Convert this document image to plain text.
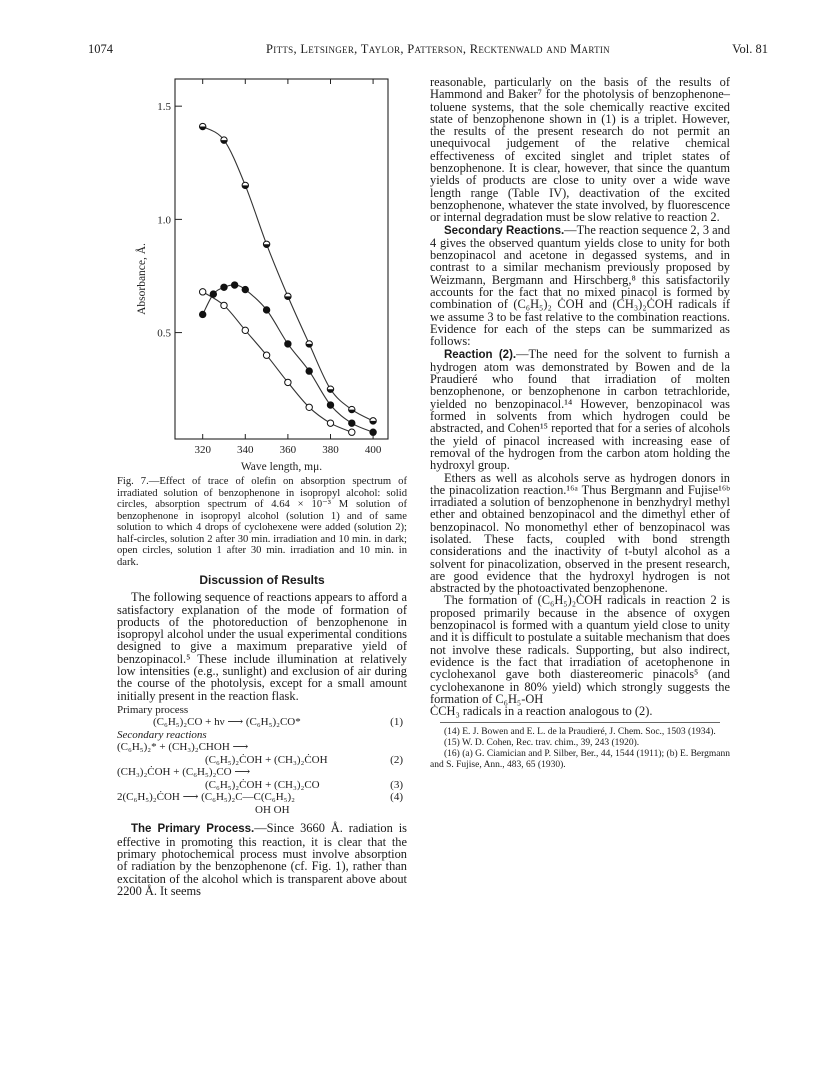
1074	Pitts, Letsinger, Taylor, Patterson, Recktenwald and Martin	Vol. 81
320 340 360 380 400
0.5
1.0
1.5
Wave length, mμ.
Absorbance, Å.

Fig. 7.—Effect of trace of olefin on absorption spectrum of irradiated solution of benzophenone in isopropyl alcohol: solid circles, absorption spectrum of 4.64 × 10⁻³ M solution of benzophenone in isopropyl alcohol (solution 1) and of same solution to which 4 drops of cyclohexene were added (solution 2); half-circles, solution 2 after 30 min. irradiation and 10 min. in dark; open circles, solution 1 after 30 min. irradiation and 10 min. in dark.

Discussion of Results

The following sequence of reactions appears to afford a satisfactory explanation of the mode of formation of products of the photoreduction of benzophenone in isopropyl alcohol under the usual experimental conditions designed to give a maximum preparative yield of benzopinacol.⁵ These include illumination at relatively low intensities (e.g., sunlight) and exclusion of air during the course of the photolysis, except for a small amount initially present in the reaction flask.

Primary process
(C₆H₅)₂CO + hν ⟶ (C₆H₅)₂CO*	(1)
Secondary reactions
(C₆H₅)₂* + (CH₃)₂CHOH ⟶
(C₆H₅)₂ĊOH + (CH₃)₂ĊOH	(2)
(CH₃)₂ĊOH + (C₆H₅)₂CO ⟶
(C₆H₅)₂ĊOH + (CH₃)₂CO	(3)
2(C₆H₅)₂ĊOH ⟶ (C₆H₅)₂C—C(C₆H₅)₂	(4)
OH OH

The Primary Process.—Since 3660 Å. radiation is effective in promoting this reaction, it is clear that the primary photochemical process must involve absorption of radiation by the benzophenone (cf. Fig. 1), rather than excitation of the alcohol which is transparent above about 2200 Å. It seems

reasonable, particularly on the basis of the results of Hammond and Baker⁷ for the photolysis of benzophenone–toluene systems, that the sole chemically reactive excited state of benzophenone shown in (1) is a triplet. However, the results of the present research do not permit an unequivocal judgement of the relative chemical effectiveness of excited singlet and triplet states of benzophenone. It is clear, however, that since the quantum yields of products are close to unity over a wide wave length range (Table IV), deactivation of the excited benzophenone, whatever the state involved, by fluorescence or internal degradation must be slow relative to reaction 2.

Secondary Reactions.—The reaction sequence 2, 3 and 4 gives the observed quantum yields close to unity for both benzopinacol and acetone in degassed systems, and in contrast to a similar mechanism previously proposed by Weizmann, Bergmann and Hirschberg,⁸ this satisfactorily accounts for the fact that no mixed pinacol is formed by combination of (C₆H₅)₂ ĊOH and (CH₃)₂ĊOH radicals if we assume 3 to be fast relative to the combination reactions. Evidence for each of the steps can be summarized as follows:

Reaction (2).—The need for the solvent to furnish a hydrogen atom was demonstrated by Bowen and de la Praudieré who found that irradiation of molten benzophenone, or benzophenone in carbon tetrachloride, yielded no benzopinacol.¹⁴ However, benzopinacol was formed in solvents from which hydrogen could be abstracted, and Cohen¹⁵ reported that for a series of alcohols the yield of pinacol increased with increasing ease of removal of the hydrogen from the carbon atom holding the hydroxyl group.

Ethers as well as alcohols serve as hydrogen donors in the pinacolization reaction.¹⁶ᵃ Thus Bergmann and Fujise¹⁶ᵇ irradiated a solution of benzophenone in benzhydryl methyl ether and obtained benzopinacol and the dimethyl ether of benzopinacol. No monomethyl ether of benzopinacol was isolated. These facts, coupled with bond strength considerations and the inactivity of t-butyl alcohol as a solvent for pinacolization, observed in the present research, are good evidence that the hydroxyl hydrogen is not abstracted by the photoactivated benzophenone.

The formation of (C₆H₅)₂ĊOH radicals in reaction 2 is proposed primarily because in the absence of oxygen benzopinacol is formed with a quantum yield close to unity and it is difficult to postulate a suitable mechanism that does not involve these radicals. Supporting, but also indirect, evidence is the fact that irradiation of acetophenone in cyclohexanol gave both diastereomeric pinacols⁵ (and cyclohexanone in 80% yield) which strongly suggests the formation of C₆H₅-OH

ĊCH₃ radicals in a reaction analogous to (2).

(14) E. J. Bowen and E. L. de la Praudieré, J. Chem. Soc., 1503 (1934).

(15) W. D. Cohen, Rec. trav. chim., 39, 243 (1920).

(16) (a) G. Ciamician and P. Silber, Ber., 44, 1544 (1911); (b) E. Bergmann and S. Fujise, Ann., 483, 65 (1930).
